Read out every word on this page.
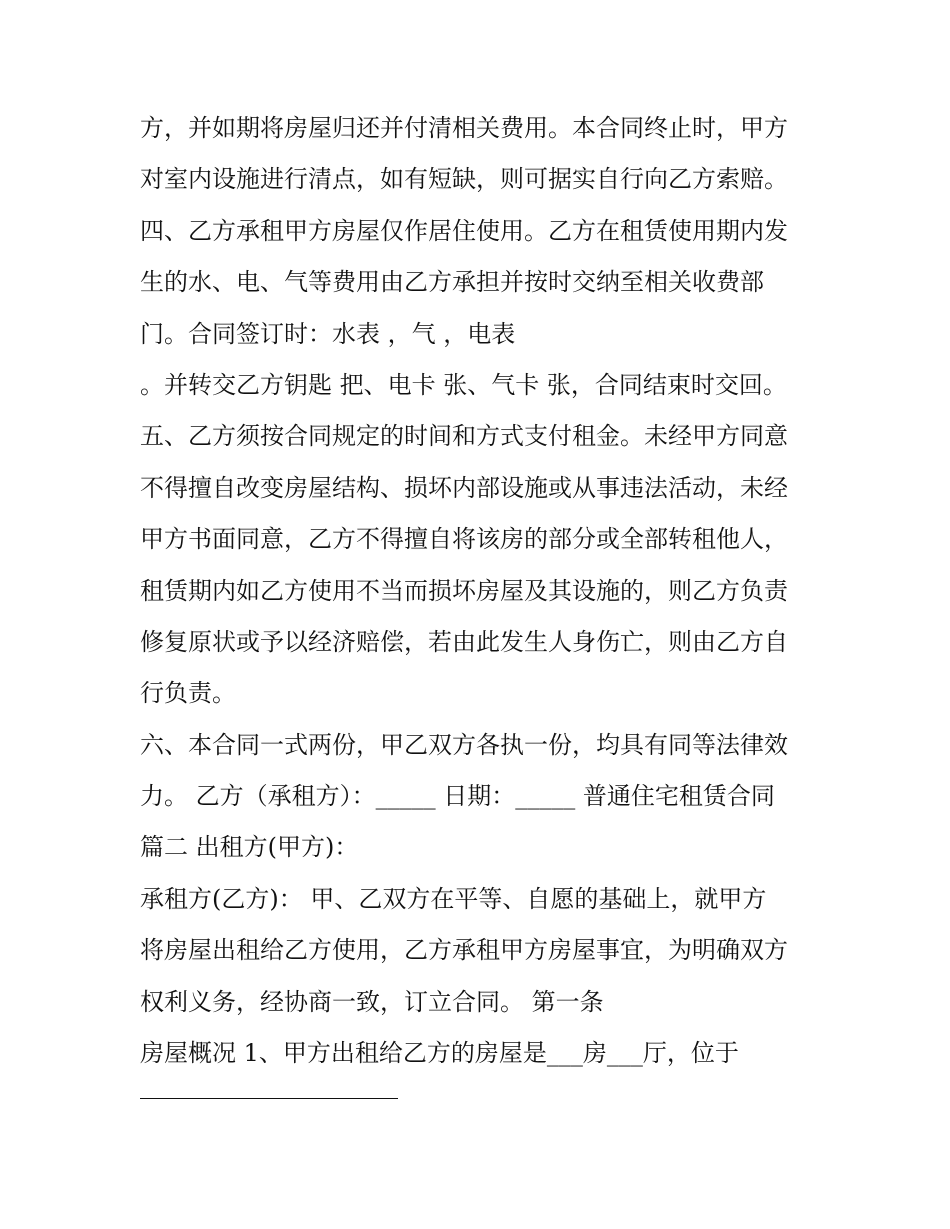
方，并如期将房屋归还并付清相关费用。本合同终止时，甲方
对室内设施进行清点，如有短缺，则可据实自行向乙方索赔。
四、乙方承租甲方房屋仅作居住使用。乙方在租赁使用期内发
生的水、电、气等费用由乙方承担并按时交纳至相关收费部
门。合同签订时：水表 ，气 ，电表
。并转交乙方钥匙 把、电卡 张、气卡 张，合同结束时交回。
五、乙方须按合同规定的时间和方式支付租金。未经甲方同意
不得擅自改变房屋结构、损坏内部设施或从事违法活动，未经
甲方书面同意，乙方不得擅自将该房的部分或全部转租他人，
租赁期内如乙方使用不当而损坏房屋及其设施的，则乙方负责
修复原状或予以经济赔偿，若由此发生人身伤亡，则由乙方自
行负责。
六、本合同一式两份，甲乙双方各执一份，均具有同等法律效
力。 乙方（承租方）：_____ 日期：_____ 普通住宅租赁合同
篇二 出租方(甲方)：
承租方(乙方)： 甲、乙双方在平等、自愿的基础上，就甲方
将房屋出租给乙方使用，乙方承租甲方房屋事宜，为明确双方
权利义务，经协商一致，订立合同。 第一条
房屋概况 1、甲方出租给乙方的房屋是___房___厅，位于
